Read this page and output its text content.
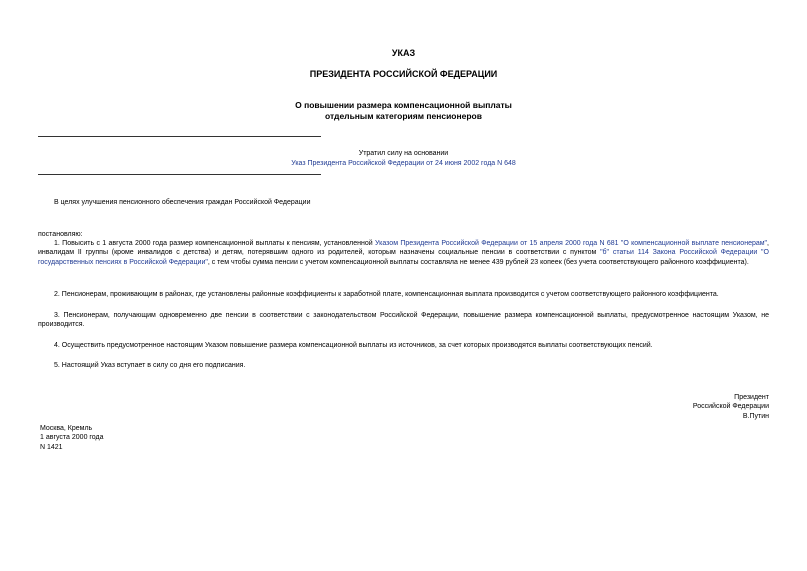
УКАЗ
ПРЕЗИДЕНТА РОССИЙСКОЙ ФЕДЕРАЦИИ
О повышении размера компенсационной выплаты
отдельным категориям пенсионеров
Утратил силу на основании
Указ Президента Российской Федерации от 24 июня 2002 года N 648
В целях улучшения пенсионного обеспечения граждан Российской Федерации
постановляю:
1. Повысить с 1 августа 2000 года размер компенсационной выплаты к пенсиям, установленной Указом Президента Российской Федерации от 15 апреля 2000 года N 681 "О компенсационной выплате пенсионерам", инвалидам II группы (кроме инвалидов с детства) и детям, потерявшим одного из родителей, которым назначены социальные пенсии в соответствии с пунктом "б" статьи 114 Закона Российской Федерации "О государственных пенсиях в Российской Федерации", с тем чтобы сумма пенсии с учетом компенсационной выплаты составляла не менее 439 рублей 23 копеек (без учета соответствующего районного коэффициента).
2. Пенсионерам, проживающим в районах, где установлены районные коэффициенты к заработной плате, компенсационная выплата производится с учетом соответствующего районного коэффициента.
3. Пенсионерам, получающим одновременно две пенсии в соответствии с законодательством Российской Федерации, повышение размера компенсационной выплаты, предусмотренное настоящим Указом, не производится.
4. Осуществить предусмотренное настоящим Указом повышение размера компенсационной выплаты из источников, за счет которых производятся выплаты соответствующих пенсий.
5. Настоящий Указ вступает в силу со дня его подписания.
Президент
Российской Федерации
В.Путин
Москва, Кремль
1 августа 2000 года
N 1421
